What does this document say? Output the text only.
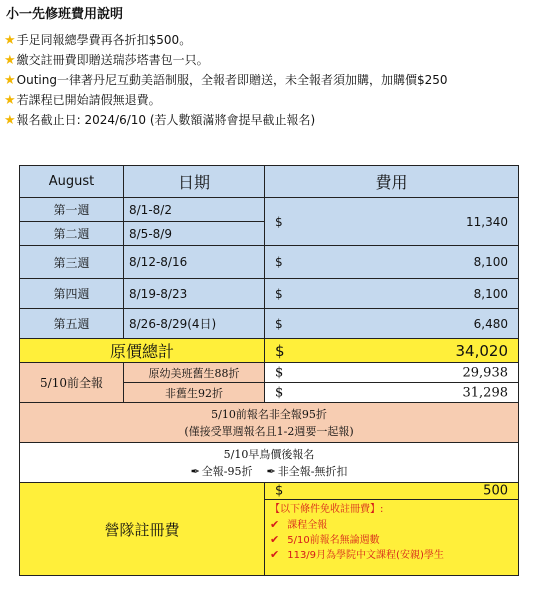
小一先修班費用說明
★手足同報總學費再各折扣$500。
★繳交註冊費即贈送瑞莎塔書包一只。
★Outing一律著丹尼互動美語制服，全報者即贈送，未全報者須加購，加購價$250
★若課程已開始請假無退費。
★報名截止日: 2024/6/10 (若人數額滿將會提早截止報名)
August	日期	費用
第一週	8/1-8/2	$ 11,340

第二週	8/5-8/9	
第三週	8/12-8/16	$ 8,100

第四週	8/19-8/23	$ 8,100

第五週	8/26-8/29(4日)	$ 6,480

原價總計		$ 34,020

5/10前全報	原幼美班舊生88折	$ 29,938

	非舊生92折	$ 31,298

5/10前報名非全報95折
(僅接受單週報名且1-2週要一起報)		

5/10早鳥價後報名
✒ 全報-95折 ✒ 非全報-無折扣		

營隊註冊費		$ 500

		【以下條件免收註冊費】:
✔ 課程全報
✔ 5/10前報名無論週數
✔ 113/9月為學院中文課程(安親)學生
